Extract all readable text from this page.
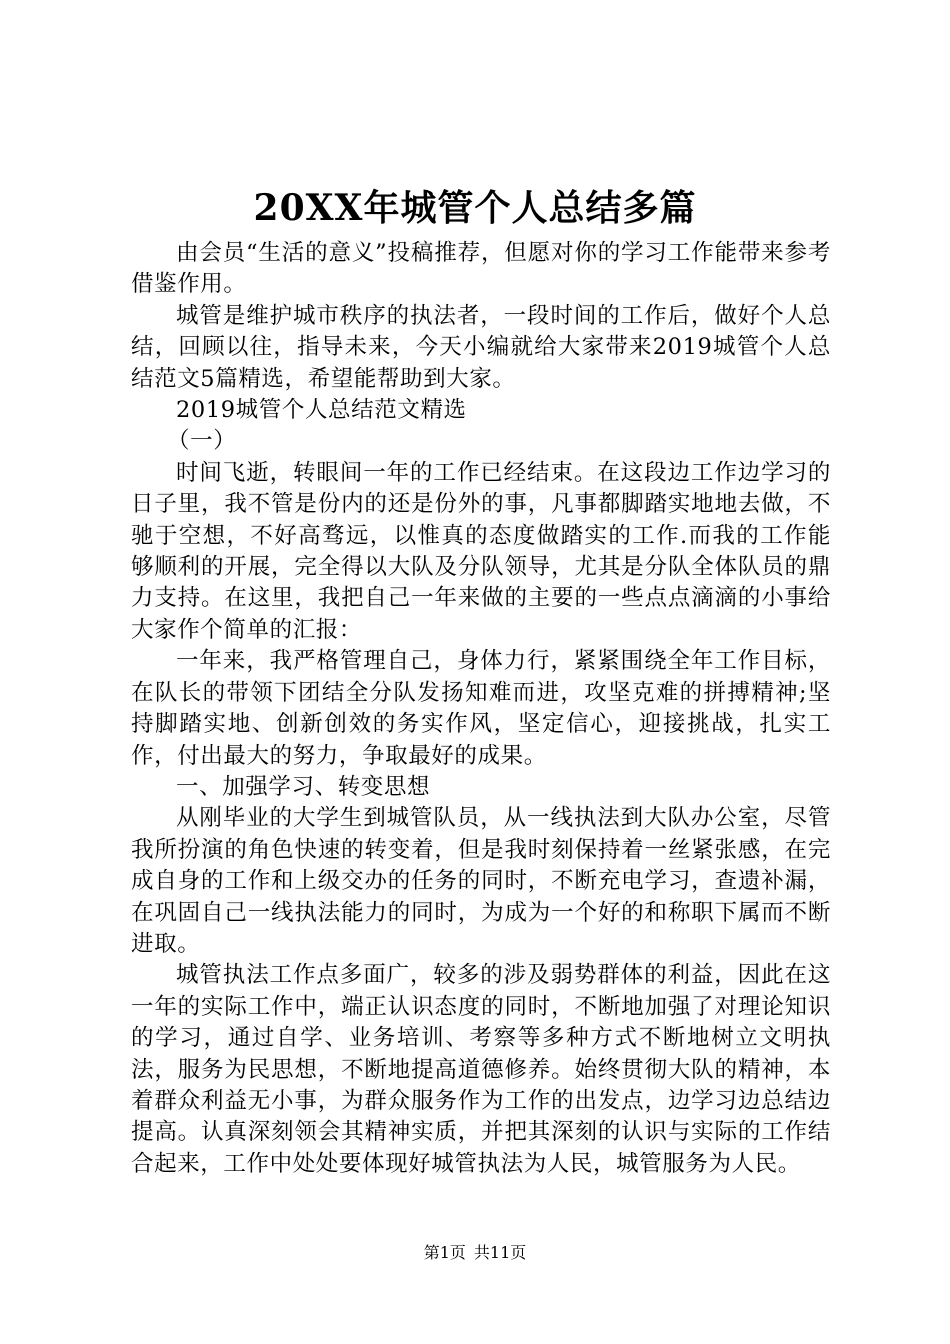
20XX年城管个人总结多篇

由会员“生活的意义”投稿推荐，但愿对你的学习工作能带来参考借鉴作用。

城管是维护城市秩序的执法者，一段时间的工作后，做好个人总结，回顾以往，指导未来，今天小编就给大家带来2019城管个人总结范文5篇精选，希望能帮助到大家。

2019城管个人总结范文精选

（一）

时间飞逝，转眼间一年的工作已经结束。在这段边工作边学习的日子里，我不管是份内的还是份外的事，凡事都脚踏实地地去做，不驰于空想，不好高骛远，以惟真的态度做踏实的工作.而我的工作能够顺利的开展，完全得以大队及分队领导，尤其是分队全体队员的鼎力支持。在这里，我把自己一年来做的主要的一些点点滴滴的小事给大家作个简单的汇报：

一年来，我严格管理自己，身体力行，紧紧围绕全年工作目标，在队长的带领下团结全分队发扬知难而进，攻坚克难的拼搏精神;坚持脚踏实地、创新创效的务实作风，坚定信心，迎接挑战，扎实工作，付出最大的努力，争取最好的成果。

一、加强学习、转变思想

从刚毕业的大学生到城管队员，从一线执法到大队办公室，尽管我所扮演的角色快速的转变着，但是我时刻保持着一丝紧张感，在完成自身的工作和上级交办的任务的同时，不断充电学习，查遗补漏，在巩固自己一线执法能力的同时，为成为一个好的和称职下属而不断进取。

城管执法工作点多面广，较多的涉及弱势群体的利益，因此在这一年的实际工作中，端正认识态度的同时，不断地加强了对理论知识的学习，通过自学、业务培训、考察等多种方式不断地树立文明执法，服务为民思想，不断地提高道德修养。始终贯彻大队的精神，本着群众利益无小事，为群众服务作为工作的出发点，边学习边总结边提高。认真深刻领会其精神实质，并把其深刻的认识与实际的工作结合起来，工作中处处要体现好城管执法为人民，城管服务为人民。

第1页 共11页
